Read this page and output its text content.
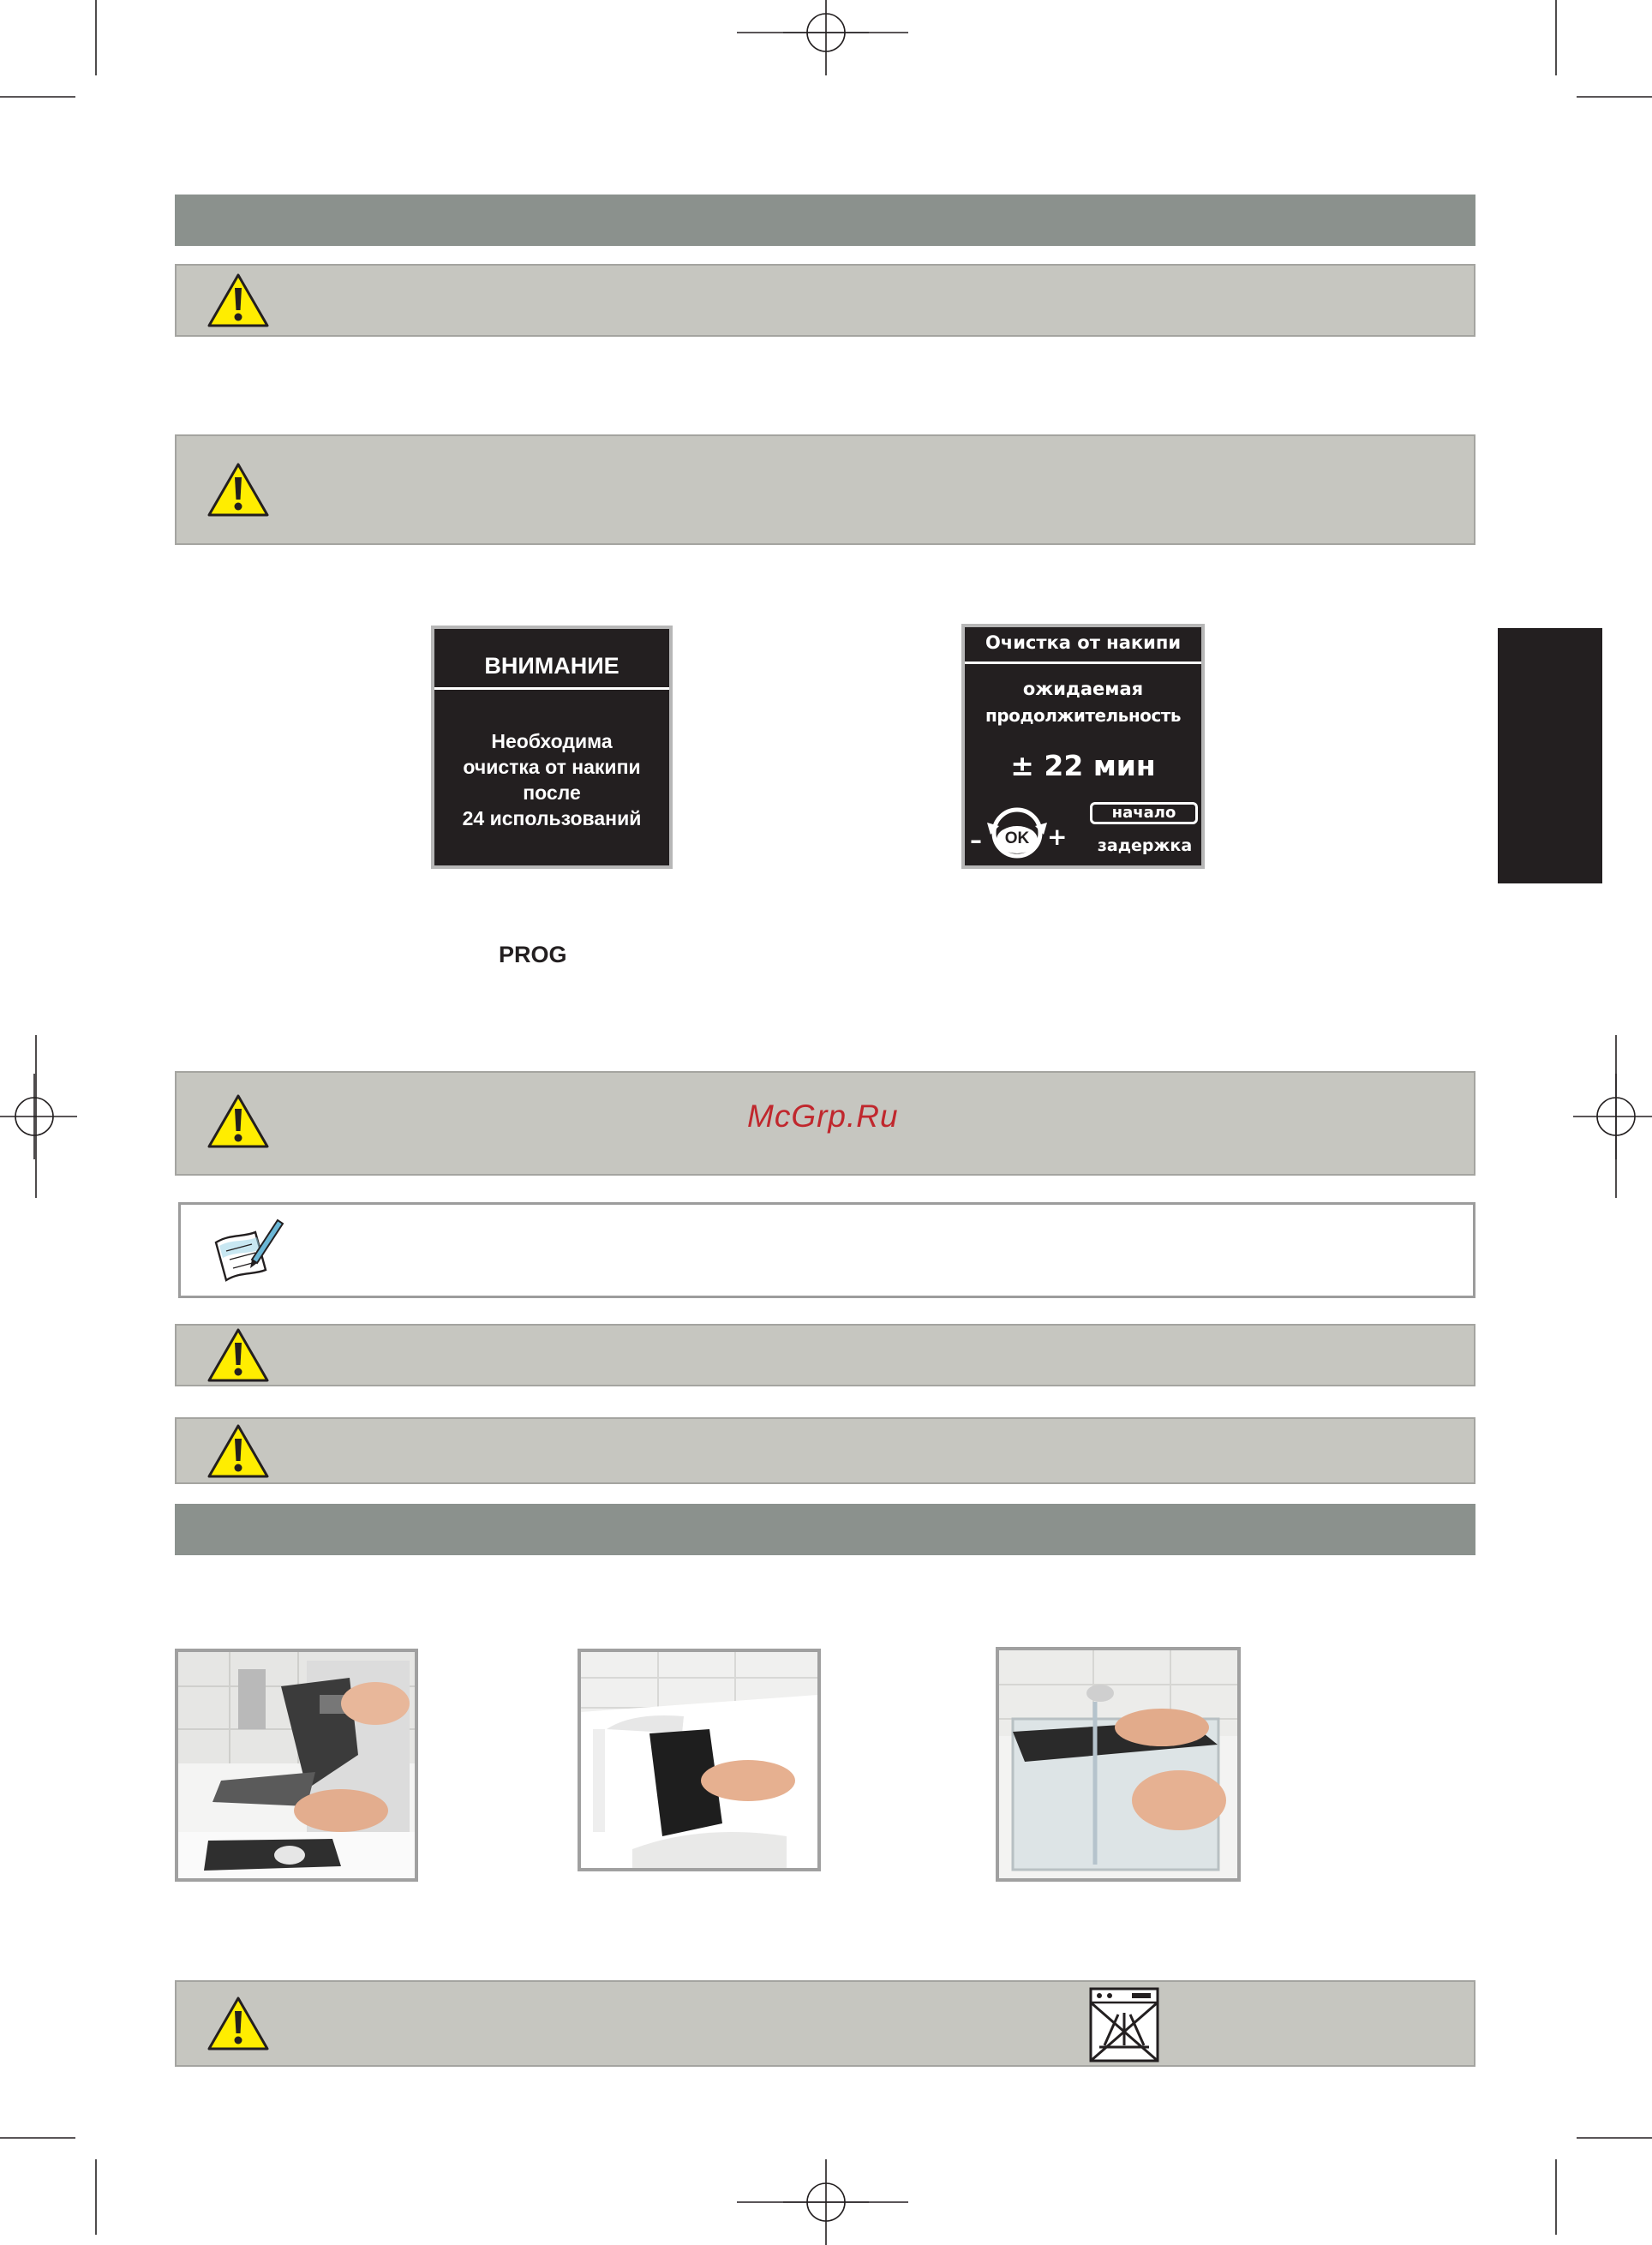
ВНИМАНИЕ
Необходима
очистка от накипи
после
24 использований
Очистка от накипи
ожидаемая
продолжительность
± 22 мин
OK
–	+
начало
задержка
PROG
McGrp.Ru
